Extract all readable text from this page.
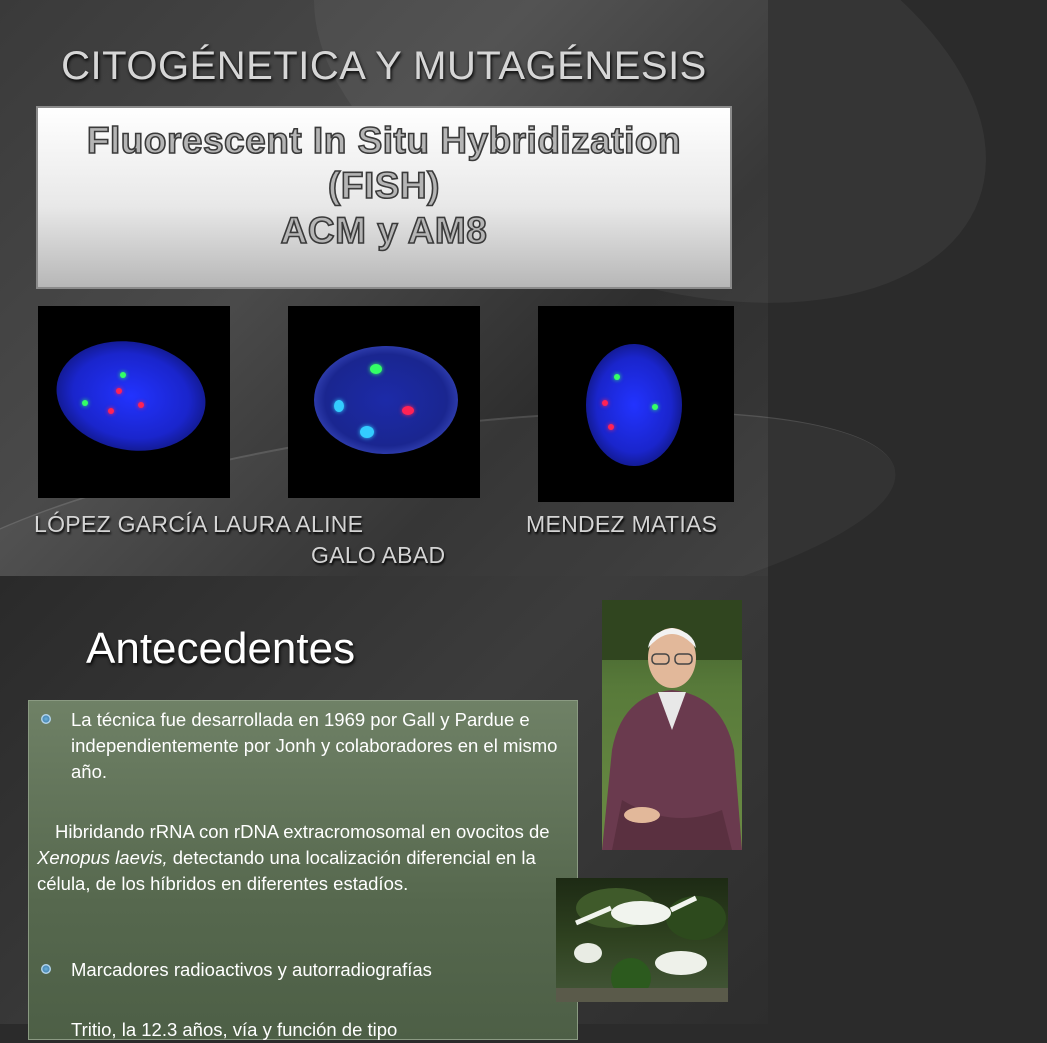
CITOGÉNETICA Y MUTAGÉNESIS
Fluorescent In Situ Hybridization
(FISH)
ACM y AM8
LÓPEZ GARCÍA LAURA ALINE
GALO ABAD
MENDEZ MATIAS
Antecedentes
La técnica fue desarrollada en 1969 por Gall y Pardue e independientemente por Jonh y colaboradores en el mismo año.
Hibridando rRNA con rDNA extracromosomal en ovocitos de Xenopus laevis, detectando una localización diferencial en la célula, de los híbridos en diferentes estadíos.
Marcadores radioactivos y autorradiografías
Tritio, la 12.3 años, vía y función de tipo
